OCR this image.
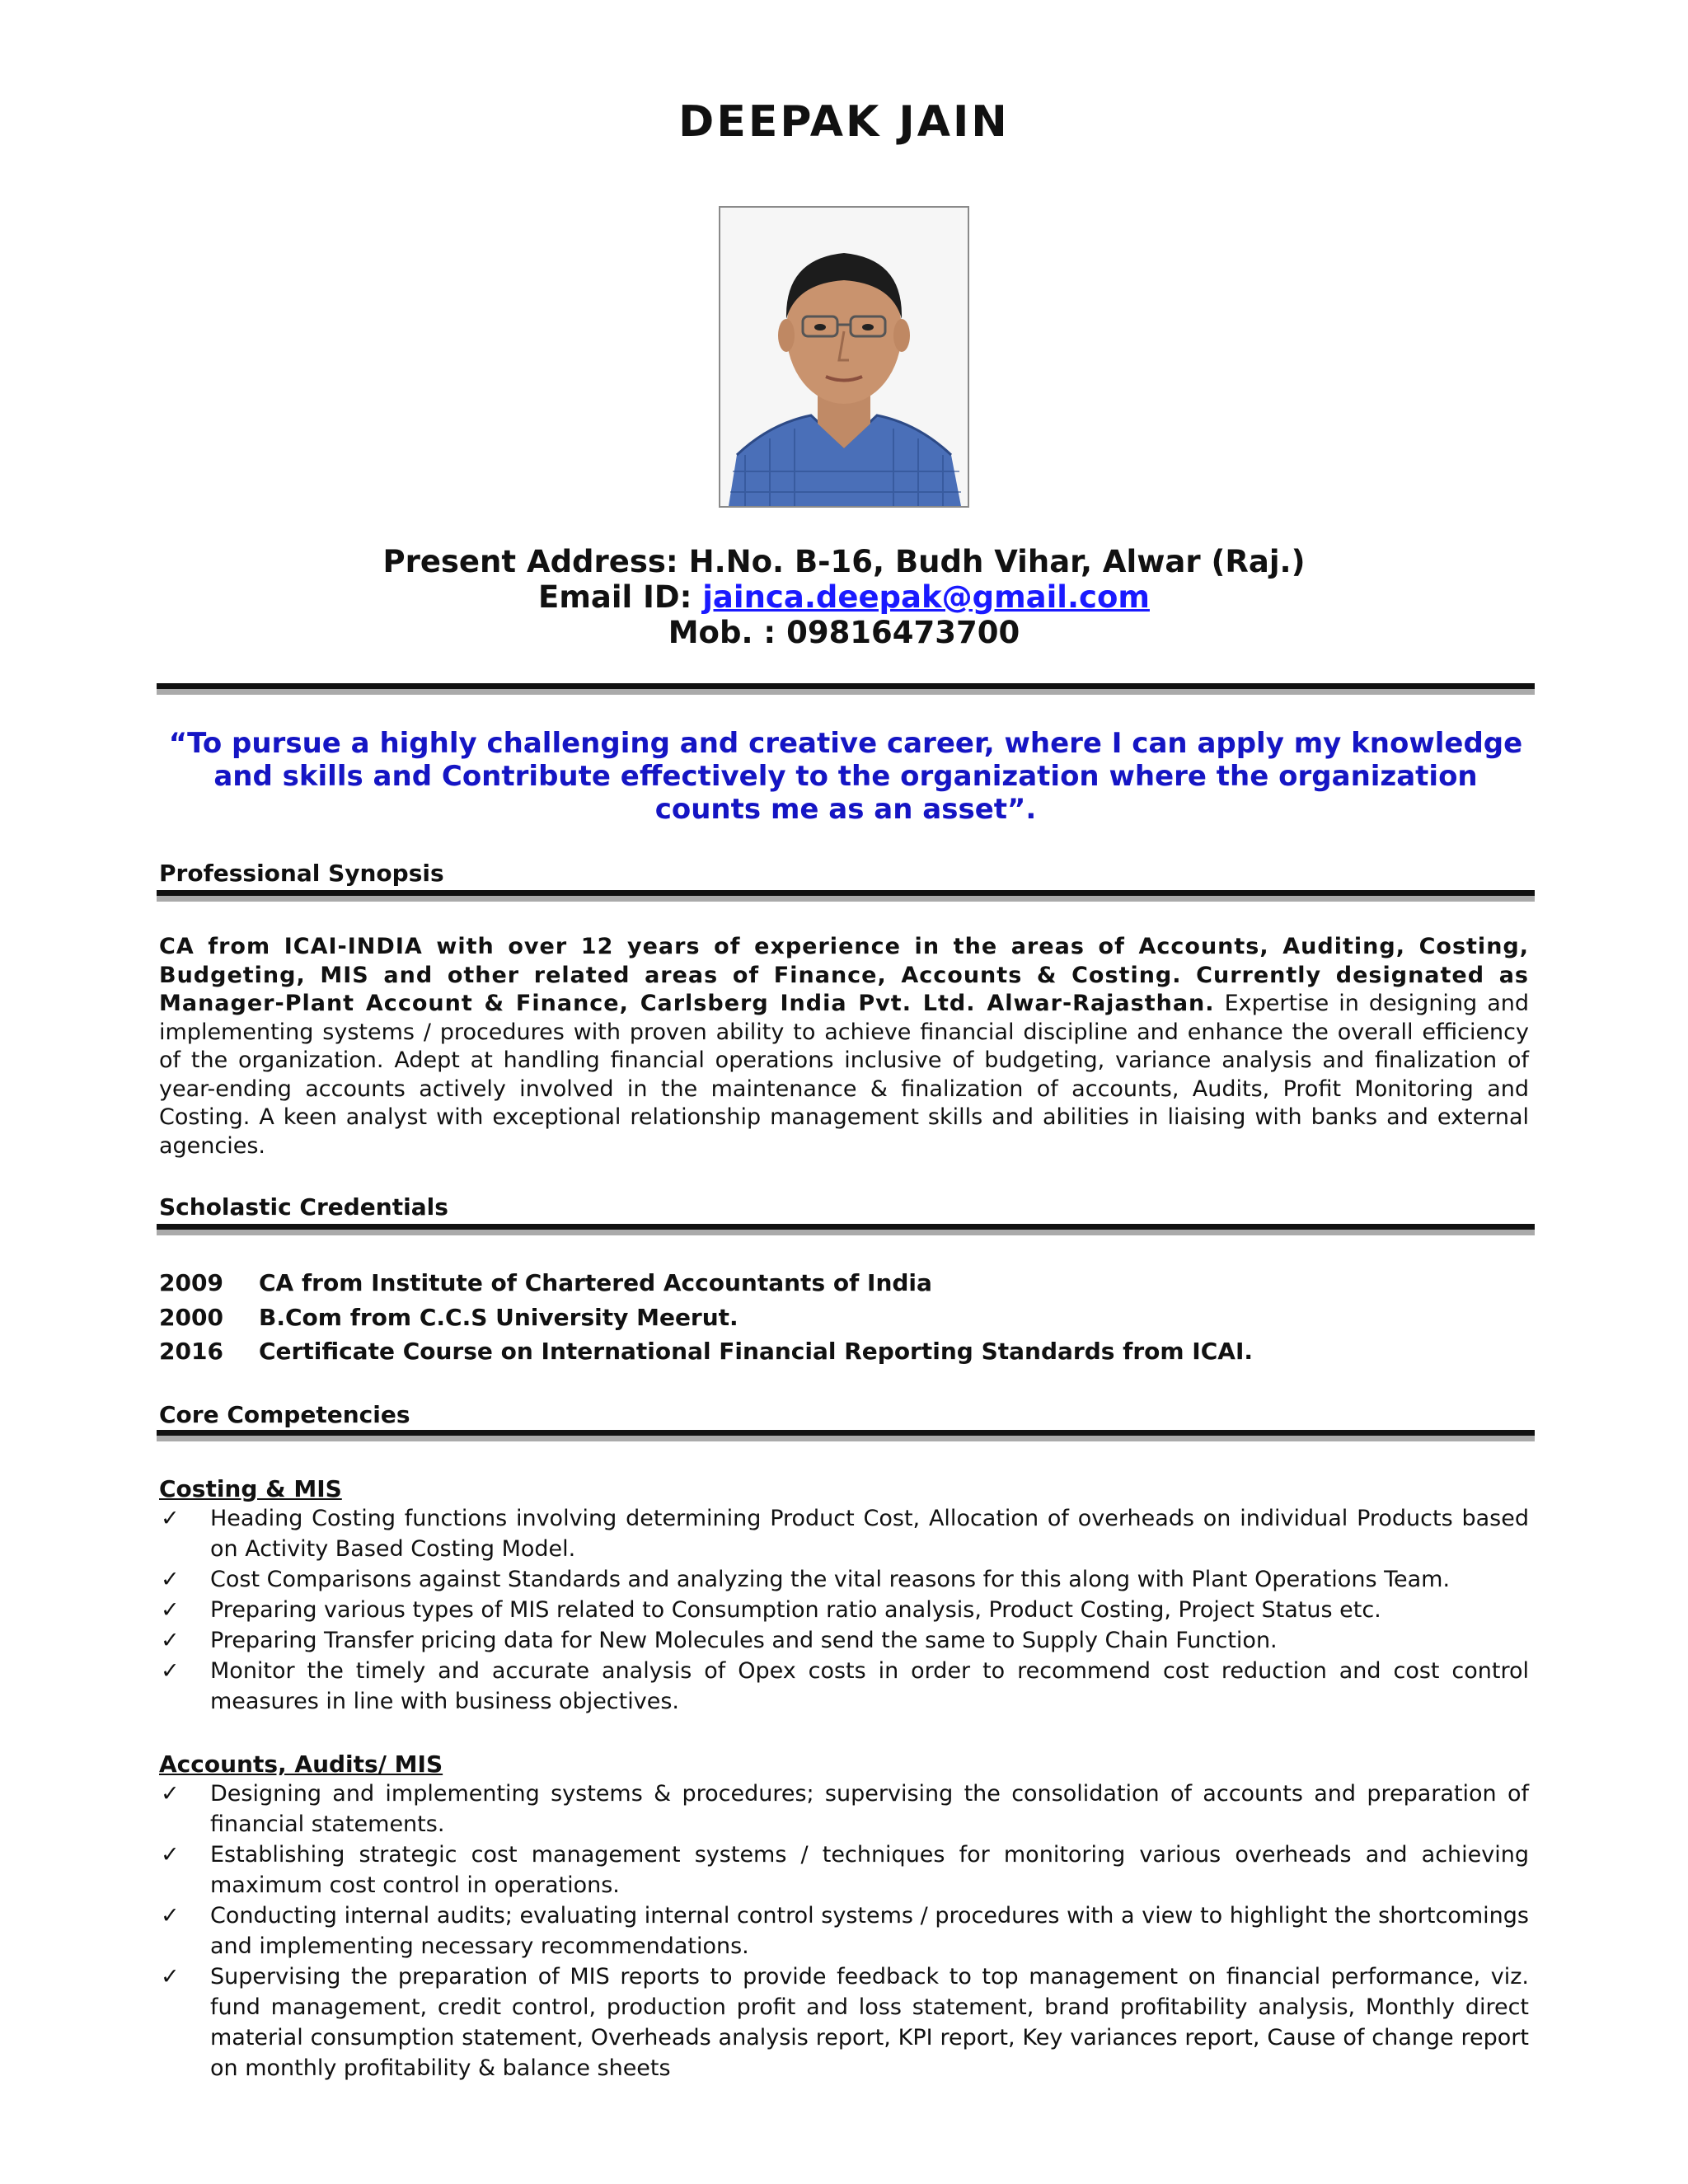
DEEPAK JAIN
Present Address: H.No. B-16, Budh Vihar, Alwar (Raj.)
Email ID: jainca.deepak@gmail.com
Mob. : 09816473700
“To pursue a highly challenging and creative career, where I can apply my knowledge and skills and Contribute effectively to the organization where the organization counts me as an asset”.
Professional Synopsis
CA from ICAI-INDIA with over 12 years of experience in the areas of Accounts, Auditing, Costing, Budgeting, MIS and other related areas of Finance, Accounts & Costing. Currently designated as Manager-Plant Account & Finance, Carlsberg India Pvt. Ltd. Alwar-Rajasthan. Expertise in designing and implementing systems / procedures with proven ability to achieve financial discipline and enhance the overall efficiency of the organization. Adept at handling financial operations inclusive of budgeting, variance analysis and finalization of year-ending accounts actively involved in the maintenance & finalization of accounts, Audits, Profit Monitoring and Costing. A keen analyst with exceptional relationship management skills and abilities in liaising with banks and external agencies.
Scholastic Credentials
2009	CA from Institute of Chartered Accountants of India
2000	B.Com from C.C.S University Meerut.
2016	Certificate Course on International Financial Reporting Standards from ICAI.
Core Competencies
Costing & MIS

✓ Heading Costing functions involving determining Product Cost, Allocation of overheads on individual Products based on Activity Based Costing Model.

✓ Cost Comparisons against Standards and analyzing the vital reasons for this along with Plant Operations Team.

✓ Preparing various types of MIS related to Consumption ratio analysis, Product Costing, Project Status etc.

✓ Preparing Transfer pricing data for New Molecules and send the same to Supply Chain Function.

✓ Monitor the timely and accurate analysis of Opex costs in order to recommend cost reduction and cost control measures in line with business objectives.

Accounts, Audits/ MIS

✓ Designing and implementing systems & procedures; supervising the consolidation of accounts and preparation of financial statements.

✓ Establishing strategic cost management systems / techniques for monitoring various overheads and achieving maximum cost control in operations.

✓ Conducting internal audits; evaluating internal control systems / procedures with a view to highlight the shortcomings and implementing necessary recommendations.

✓ Supervising the preparation of MIS reports to provide feedback to top management on financial performance, viz. fund management, credit control, production profit and loss statement, brand profitability analysis, Monthly direct material consumption statement, Overheads analysis report, KPI report, Key variances report, Cause of change report on monthly profitability & balance sheets
